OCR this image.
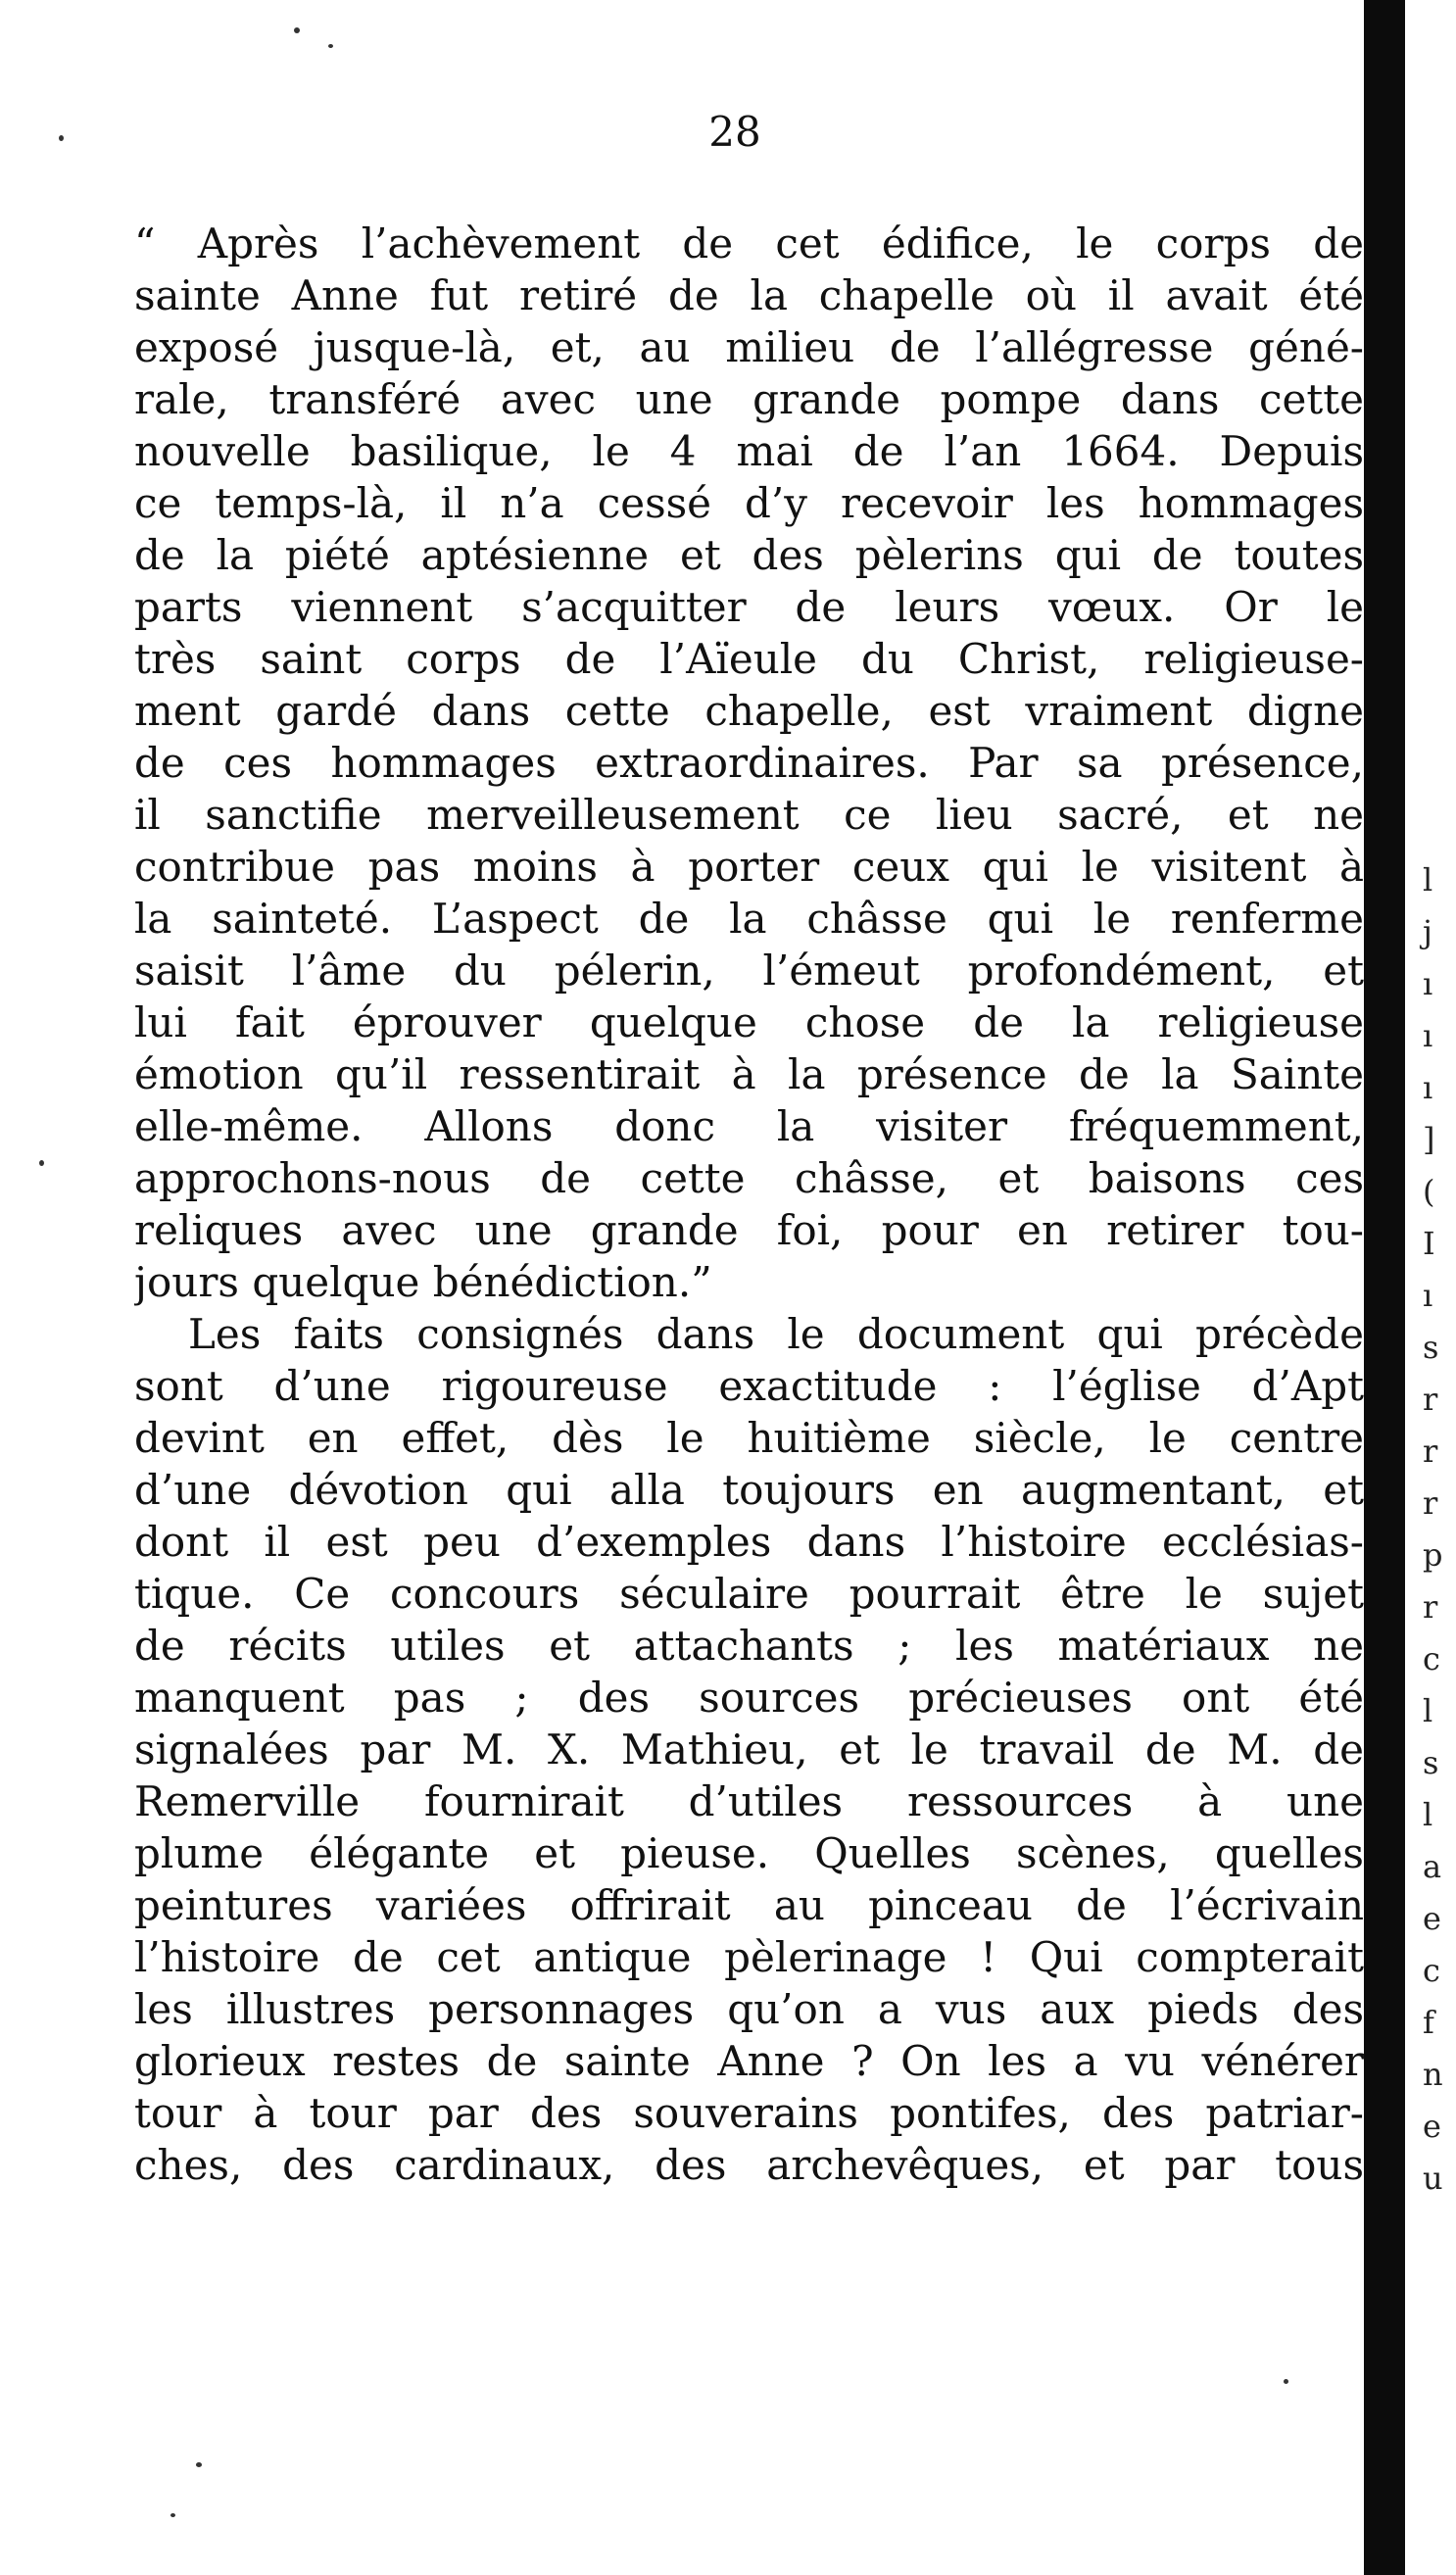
28
“ Après l’achèvement de cet édifice, le corps de
sainte Anne fut retiré de la chapelle où il avait été
exposé jusque-là, et, au milieu de l’allégresse géné-
rale, transféré avec une grande pompe dans cette
nouvelle basilique, le 4 mai de l’an 1664. Depuis
ce temps-là, il n’a cessé d’y recevoir les hommages
de la piété aptésienne et des pèlerins qui de toutes
parts viennent s’acquitter de leurs vœux. Or le
très saint corps de l’Aïeule du Christ, religieuse-
ment gardé dans cette chapelle, est vraiment digne
de ces hommages extraordinaires. Par sa présence,
il sanctifie merveilleusement ce lieu sacré, et ne
contribue pas moins à porter ceux qui le visitent à
la sainteté. L’aspect de la châsse qui le renferme
saisit l’âme du pélerin, l’émeut profondément, et
lui fait éprouver quelque chose de la religieuse
émotion qu’il ressentirait à la présence de la Sainte
elle-même. Allons donc la visiter fréquemment,
approchons-nous de cette châsse, et baisons ces
reliques avec une grande foi, pour en retirer tou-
jours quelque bénédiction.”
Les faits consignés dans le document qui précède
sont d’une rigoureuse exactitude : l’église d’Apt
devint en effet, dès le huitième siècle, le centre
d’une dévotion qui alla toujours en augmentant, et
dont il est peu d’exemples dans l’histoire ecclésias-
tique. Ce concours séculaire pourrait être le sujet
de récits utiles et attachants ; les matériaux ne
manquent pas ; des sources précieuses ont été
signalées par M. X. Mathieu, et le travail de M. de
Remerville fournirait d’utiles ressources à une
plume élégante et pieuse. Quelles scènes, quelles
peintures variées offrirait au pinceau de l’écrivain
l’histoire de cet antique pèlerinage ! Qui compterait
les illustres personnages qu’on a vus aux pieds des
glorieux restes de sainte Anne ? On les a vu vénérer
tour à tour par des souverains pontifes, des patriar-
ches, des cardinaux, des archevêques, et par tous
l
j
ı
ı
ı
]
(
I
ı
s
r
r
r
p
r
c
l
s
l
a
e
c
f
n
e
u
